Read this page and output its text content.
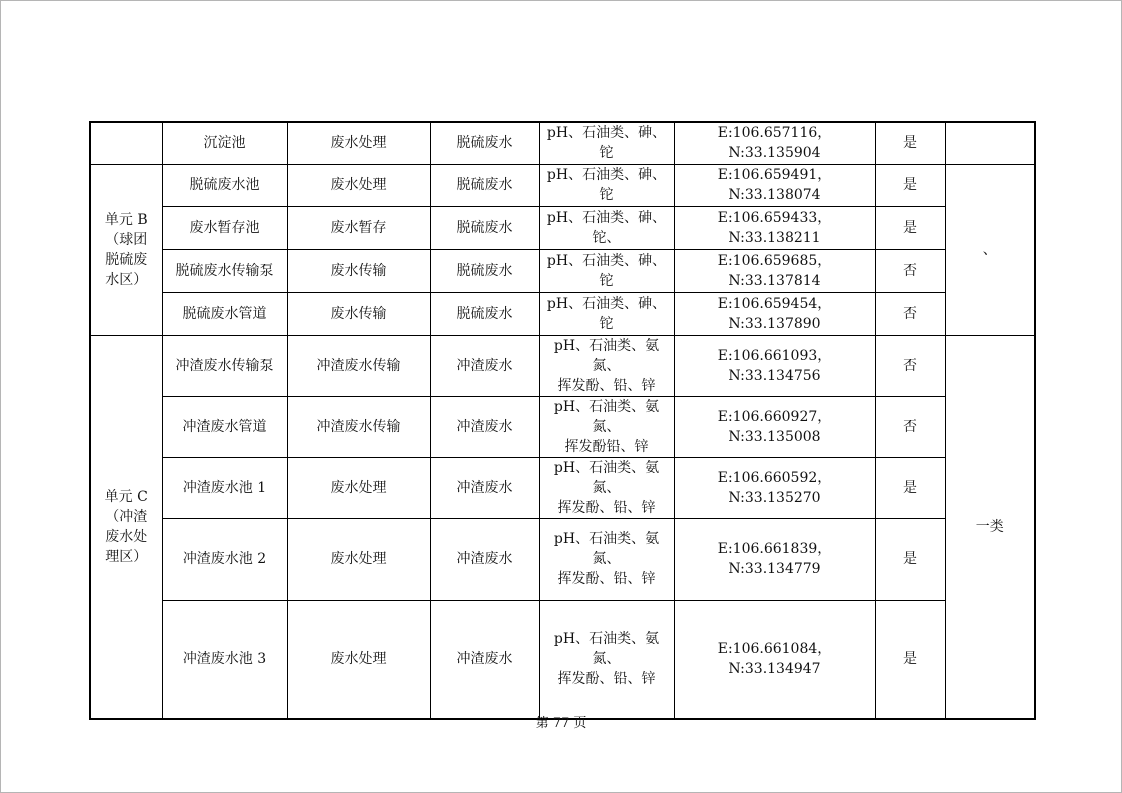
	沉淀池	废水处理	脱硫废水	pH、石油类、砷、
铊	E:106.657116，N:33.135904	是	
单元 B
（球团
脱硫废
水区）	脱硫废水池	废水处理	脱硫废水	pH、石油类、砷、
铊	E:106.659491，N:33.138074	是	、
	废水暂存池	废水暂存	脱硫废水	pH、石油类、砷、
铊、	E:106.659433，N:33.138211	是	
	脱硫废水传输泵	废水传输	脱硫废水	pH、石油类、砷、
铊	E:106.659685，N:33.137814	否	
	脱硫废水管道	废水传输	脱硫废水	pH、石油类、砷、
铊	E:106.659454，N:33.137890	否	
单元 C
（冲渣
废水处
理区）	冲渣废水传输泵	冲渣废水传输	冲渣废水	pH、石油类、氨氮、
挥发酚、铅、锌	E:106.661093，N:33.134756	否	一类
	冲渣废水管道	冲渣废水传输	冲渣废水	pH、石油类、氨氮、
挥发酚铅、锌	E:106.660927，N:33.135008	否	
	冲渣废水池 1	废水处理	冲渣废水	pH、石油类、氨氮、
挥发酚、铅、锌	E:106.660592，N:33.135270	是	
	冲渣废水池 2	废水处理	冲渣废水	pH、石油类、氨氮、
挥发酚、铅、锌	E:106.661839，N:33.134779	是	
	冲渣废水池 3	废水处理	冲渣废水	pH、石油类、氨氮、
挥发酚、铅、锌	E:106.661084，N:33.134947	是	
第 77 页
